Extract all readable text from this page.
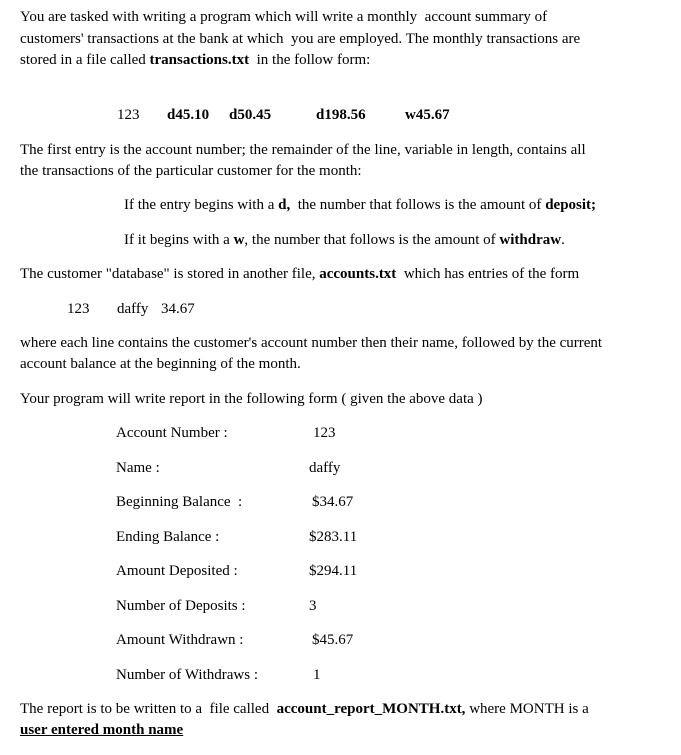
You are tasked with writing a program which will write a monthly  account summary of
customers' transactions at the bank at which  you are employed. The monthly transactions are
stored in a file called transactions.txt  in the follow form:
123 d45.10 d50.45	d198.56	w45.67
The first entry is the account number; the remainder of the line, variable in length, contains all
the transactions of the particular customer for the month:
If the entry begins with a d,  the number that follows is the amount of deposit;
If it begins with a w, the number that follows is the amount of withdraw.
The customer "database" is stored in another file, accounts.txt  which has entries of the form
123 daffy 34.67
where each line contains the customer's account number then their name, followed by the current
account balance at the beginning of the month.
Your program will write report in the following form ( given the above data )
Account Number :	123
Name :	daffy
Beginning Balance  :	$34.67
Ending Balance :	$283.11
Amount Deposited :	$294.11
Number of Deposits :	3
Amount Withdrawn :	$45.67
Number of Withdraws :	1
The report is to be written to a  file called  account_report_MONTH.txt, where MONTH is a
user entered month name
